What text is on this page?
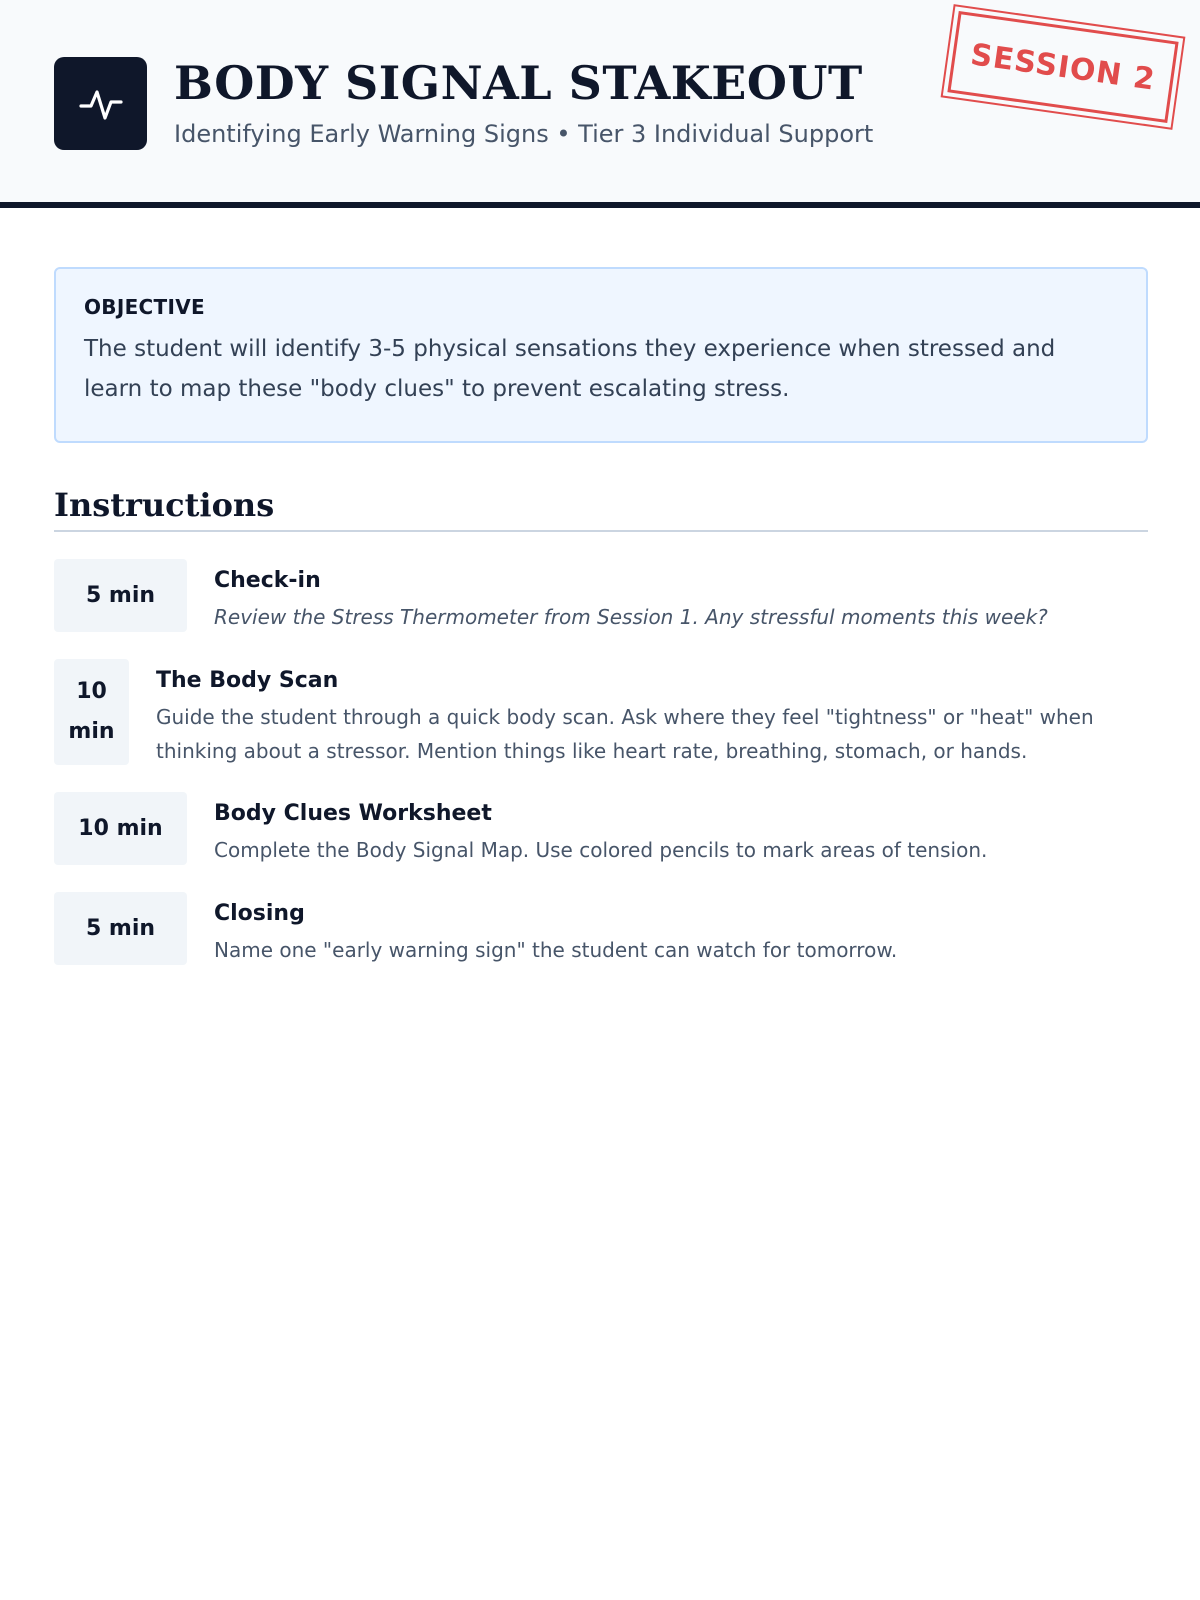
BODY SIGNAL STAKEOUT
Identifying Early Warning Signs • Tier 3 Individual Support
SESSION 2
OBJECTIVE
The student will identify 3-5 physical sensations they experience when stressed and learn to map these "body clues" to prevent escalating stress.
Instructions
5 min
Check-in
Review the Stress Thermometer from Session 1. Any stressful moments this week?
10 min
The Body Scan
Guide the student through a quick body scan. Ask where they feel "tightness" or "heat" when thinking about a stressor. Mention things like heart rate, breathing, stomach, or hands.
10 min
Body Clues Worksheet
Complete the Body Signal Map. Use colored pencils to mark areas of tension.
5 min
Closing
Name one "early warning sign" the student can watch for tomorrow.
